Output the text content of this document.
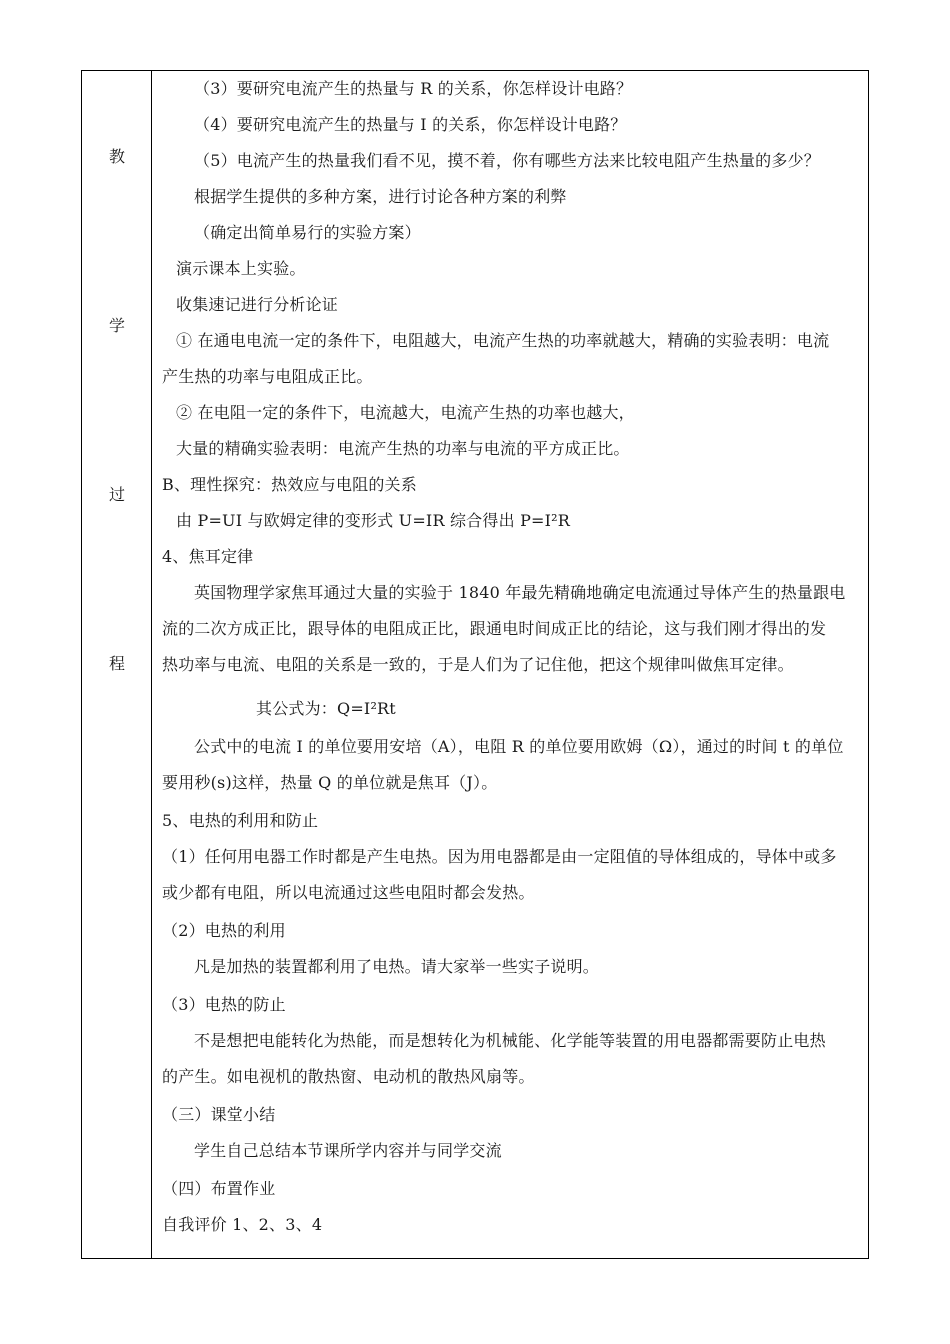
教
学
过
程
（3）要研究电流产生的热量与 R 的关系，你怎样设计电路？
（4）要研究电流产生的热量与 I 的关系，你怎样设计电路？
（5）电流产生的热量我们看不见，摸不着，你有哪些方法来比较电阻产生热量的多少？
根据学生提供的多种方案，进行讨论各种方案的利弊
（确定出简单易行的实验方案）
演示课本上实验。
收集速记进行分析论证
① 在通电电流一定的条件下，电阻越大，电流产生热的功率就越大，精确的实验表明：电流
产生热的功率与电阻成正比。
② 在电阻一定的条件下，电流越大，电流产生热的功率也越大，
大量的精确实验表明：电流产生热的功率与电流的平方成正比。
B、理性探究：热效应与电阻的关系
由 P=UI 与欧姆定律的变形式 U=IR 综合得出 P=I²R
4、焦耳定律
英国物理学家焦耳通过大量的实验于 1840 年最先精确地确定电流通过导体产生的热量跟电
流的二次方成正比，跟导体的电阻成正比，跟通电时间成正比的结论，这与我们刚才得出的发
热功率与电流、电阻的关系是一致的，于是人们为了记住他，把这个规律叫做焦耳定律。
其公式为：Q=I²Rt
公式中的电流 I 的单位要用安培（A），电阻 R 的单位要用欧姆（Ω），通过的时间 t 的单位
要用秒(s)这样，热量 Q 的单位就是焦耳（J）。
5、电热的利用和防止
（1）任何用电器工作时都是产生电热。因为用电器都是由一定阻值的导体组成的，导体中或多
或少都有电阻，所以电流通过这些电阻时都会发热。
（2）电热的利用
凡是加热的装置都利用了电热。请大家举一些实子说明。
（3）电热的防止
不是想把电能转化为热能，而是想转化为机械能、化学能等装置的用电器都需要防止电热
的产生。如电视机的散热窗、电动机的散热风扇等。
（三）课堂小结
学生自己总结本节课所学内容并与同学交流
（四）布置作业
自我评价 1、2、3、4
